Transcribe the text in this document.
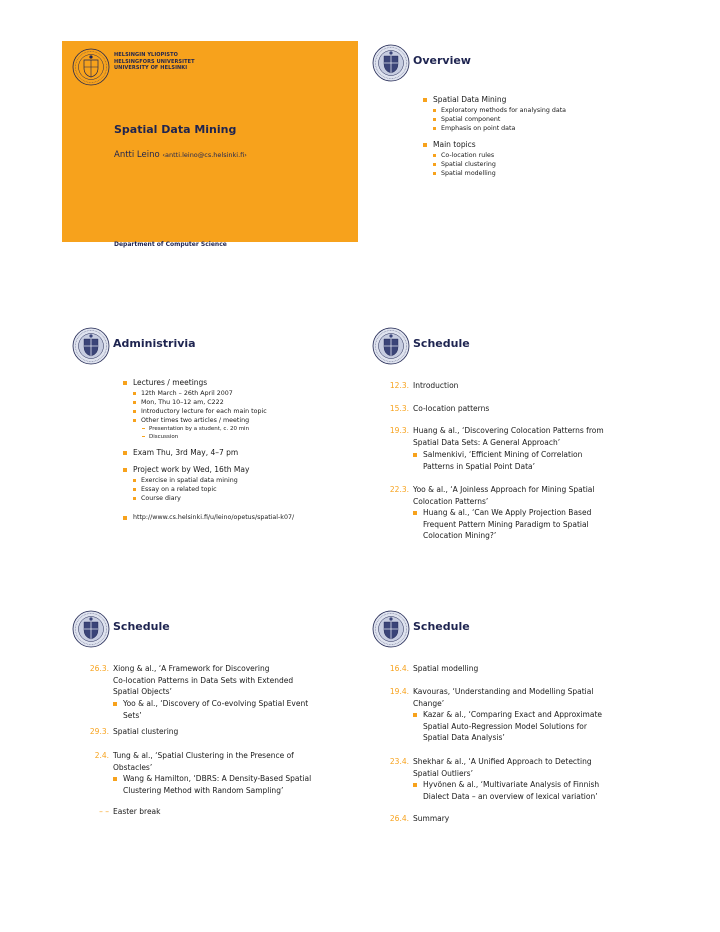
HELSINGIN YLIOPISTO
HELSINGFORS UNIVERSITET
UNIVERSITY OF HELSINKI
Spatial Data Mining
Antti Leino ‹antti.leino@cs.helsinki.fi›
Department of Computer Science
Overview
Spatial Data Mining
Exploratory methods for analysing data
Spatial component
Emphasis on point data
Main topics
Co-location rules
Spatial clustering
Spatial modelling
Administrivia
Lectures / meetings
12th March – 26th April 2007
Mon, Thu 10–12 am, C222
Introductory lecture for each main topic
Other times two articles / meeting
Presentation by a student, c. 20 min
Discussion
Exam Thu, 3rd May, 4–7 pm
Project work by Wed, 16th May
Exercise in spatial data mining
Essay on a related topic
Course diary
http://www.cs.helsinki.fi/u/leino/opetus/spatial-k07/
Schedule
12.3. Introduction
15.3. Co-location patterns
19.3. Huang & al., ‘Discovering Colocation Patterns from
Spatial Data Sets: A General Approach’
Salmenkivi, ‘Efficient Mining of Correlation
Patterns in Spatial Point Data’
22.3. Yoo & al., ‘A Joinless Approach for Mining Spatial
Colocation Patterns’
Huang & al., ‘Can We Apply Projection Based
Frequent Pattern Mining Paradigm to Spatial
Colocation Mining?’
Schedule
26.3. Xiong & al., ‘A Framework for Discovering
Co-location Patterns in Data Sets with Extended
Spatial Objects’
Yoo & al., ‘Discovery of Co-evolving Spatial Event
Sets’
29.3. Spatial clustering
2.4. Tung & al., ‘Spatial Clustering in the Presence of
Obstacles’
Wang & Hamilton, ‘DBRS: A Density-Based Spatial
Clustering Method with Random Sampling’
– – Easter break
Schedule
16.4. Spatial modelling
19.4. Kavouras, ‘Understanding and Modelling Spatial
Change’
Kazar & al., ‘Comparing Exact and Approximate
Spatial Auto-Regression Model Solutions for
Spatial Data Analysis’
23.4. Shekhar & al., ‘A Unified Approach to Detecting
Spatial Outliers’
Hyvönen & al., ‘Multivariate Analysis of Finnish
Dialect Data – an overview of lexical variation’
26.4. Summary
